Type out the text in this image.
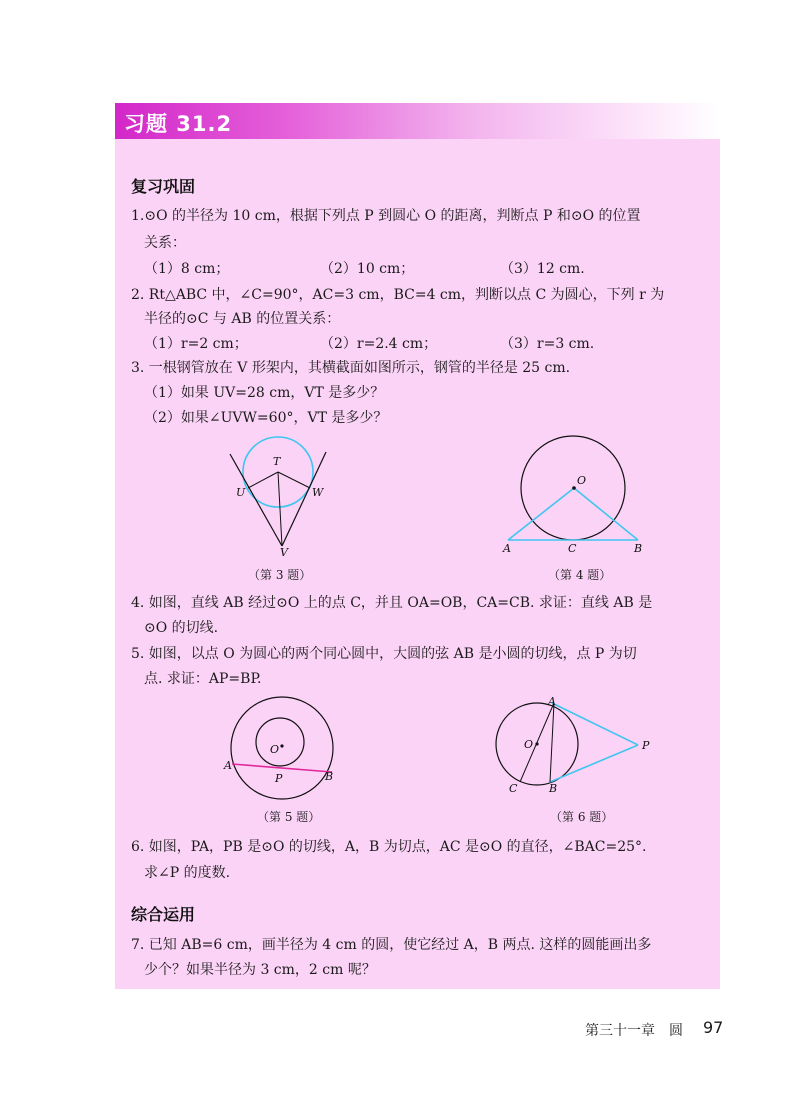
习题 31.2
复习巩固
1.⊙O 的半径为 10 cm，根据下列点 P 到圆心 O 的距离，判断点 P 和⊙O 的位置
关系：
（1）8 cm；	（2）10 cm；	（3）12 cm.
2. Rt△ABC 中，∠C=90°，AC=3 cm，BC=4 cm，判断以点 C 为圆心，下列 r 为
半径的⊙C 与 AB 的位置关系：
（1）r=2 cm；	（2）r=2.4 cm；	（3）r=3 cm.
3. 一根钢管放在 V 形架内，其横截面如图所示，钢管的半径是 25 cm.
（1）如果 UV=28 cm，VT 是多少？
（2）如果∠UVW=60°，VT 是多少？
T
U	W
V
（第 3 题）
O
A	C	B
（第 4 题）
4. 如图，直线 AB 经过⊙O 上的点 C，并且 OA=OB，CA=CB. 求证：直线 AB 是
⊙O 的切线.
5. 如图，以点 O 为圆心的两个同心圆中，大圆的弦 AB 是小圆的切线，点 P 为切
点. 求证：AP=BP.
O
A
P	B
（第 5 题）
A
O	P
C	B
（第 6 题）
6. 如图，PA，PB 是⊙O 的切线，A，B 为切点，AC 是⊙O 的直径，∠BAC=25°.
求∠P 的度数.
综合运用
7. 已知 AB=6 cm，画半径为 4 cm 的圆，使它经过 A，B 两点. 这样的圆能画出多
少个？如果半径为 3 cm，2 cm 呢？
第三十一章　圆 97
